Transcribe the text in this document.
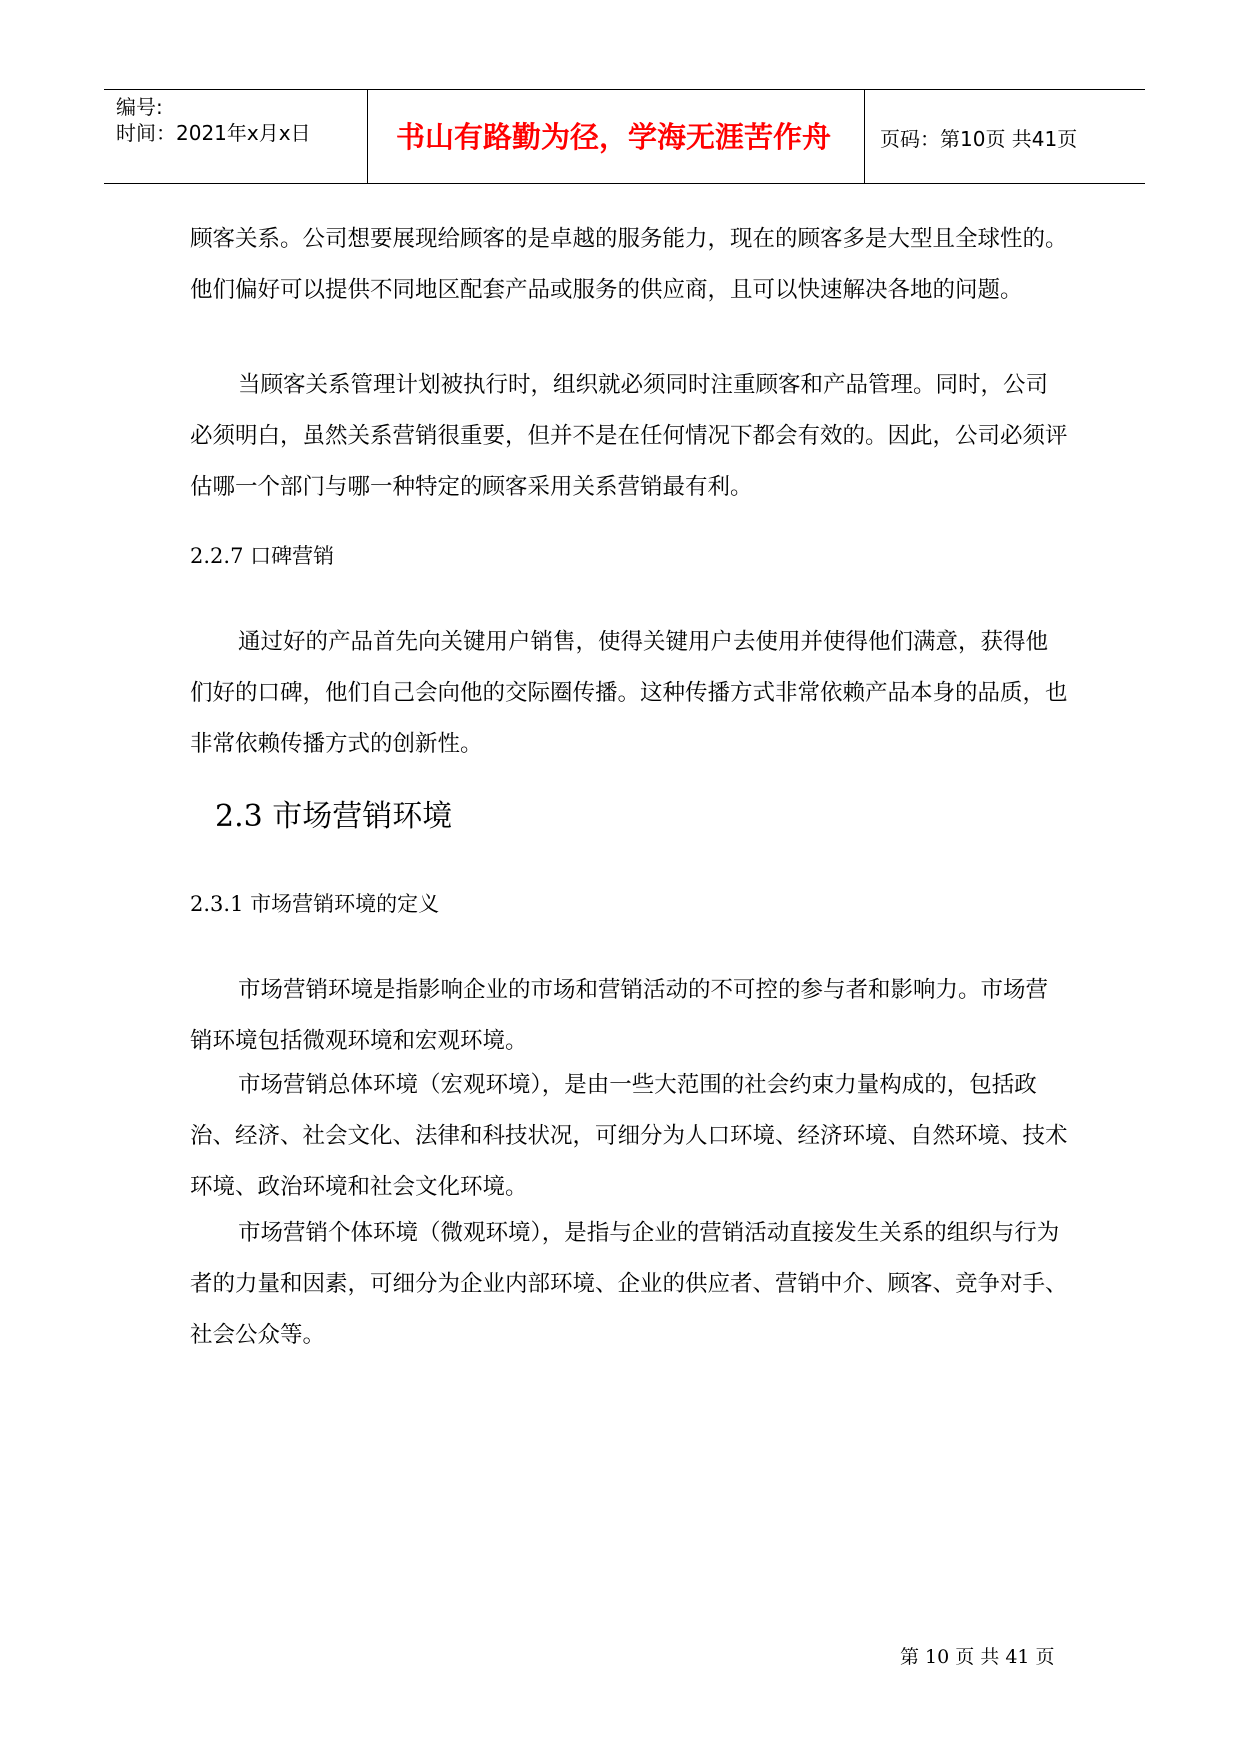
编号:
时间：2021年x月x日	书山有路勤为径，学海无涯苦作舟 页码：第10页 共41页

顾客关系。公司想要展现给顾客的是卓越的服务能力，现在的顾客多是大型且全球性的。他们偏好可以提供不同地区配套产品或服务的供应商，且可以快速解决各地的问题。

当顾客关系管理计划被执行时，组织就必须同时注重顾客和产品管理。同时，公司必须明白，虽然关系营销很重要，但并不是在任何情况下都会有效的。因此，公司必须评估哪一个部门与哪一种特定的顾客采用关系营销最有利。

2.2.7 口碑营销

通过好的产品首先向关键用户销售，使得关键用户去使用并使得他们满意，获得他们好的口碑，他们自己会向他的交际圈传播。这种传播方式非常依赖产品本身的品质，也非常依赖传播方式的创新性。

2.3 市场营销环境
2.3.1 市场营销环境的定义

市场营销环境是指影响企业的市场和营销活动的不可控的参与者和影响力。市场营销环境包括微观环境和宏观环境。

市场营销总体环境（宏观环境），是由一些大范围的社会约束力量构成的，包括政治、经济、社会文化、法律和科技状况，可细分为人口环境、经济环境、自然环境、技术环境、政治环境和社会文化环境。

市场营销个体环境（微观环境），是指与企业的营销活动直接发生关系的组织与行为者的力量和因素，可细分为企业内部环境、企业的供应者、营销中介、顾客、竞争对手、社会公众等。

第 10 页 共 41 页
